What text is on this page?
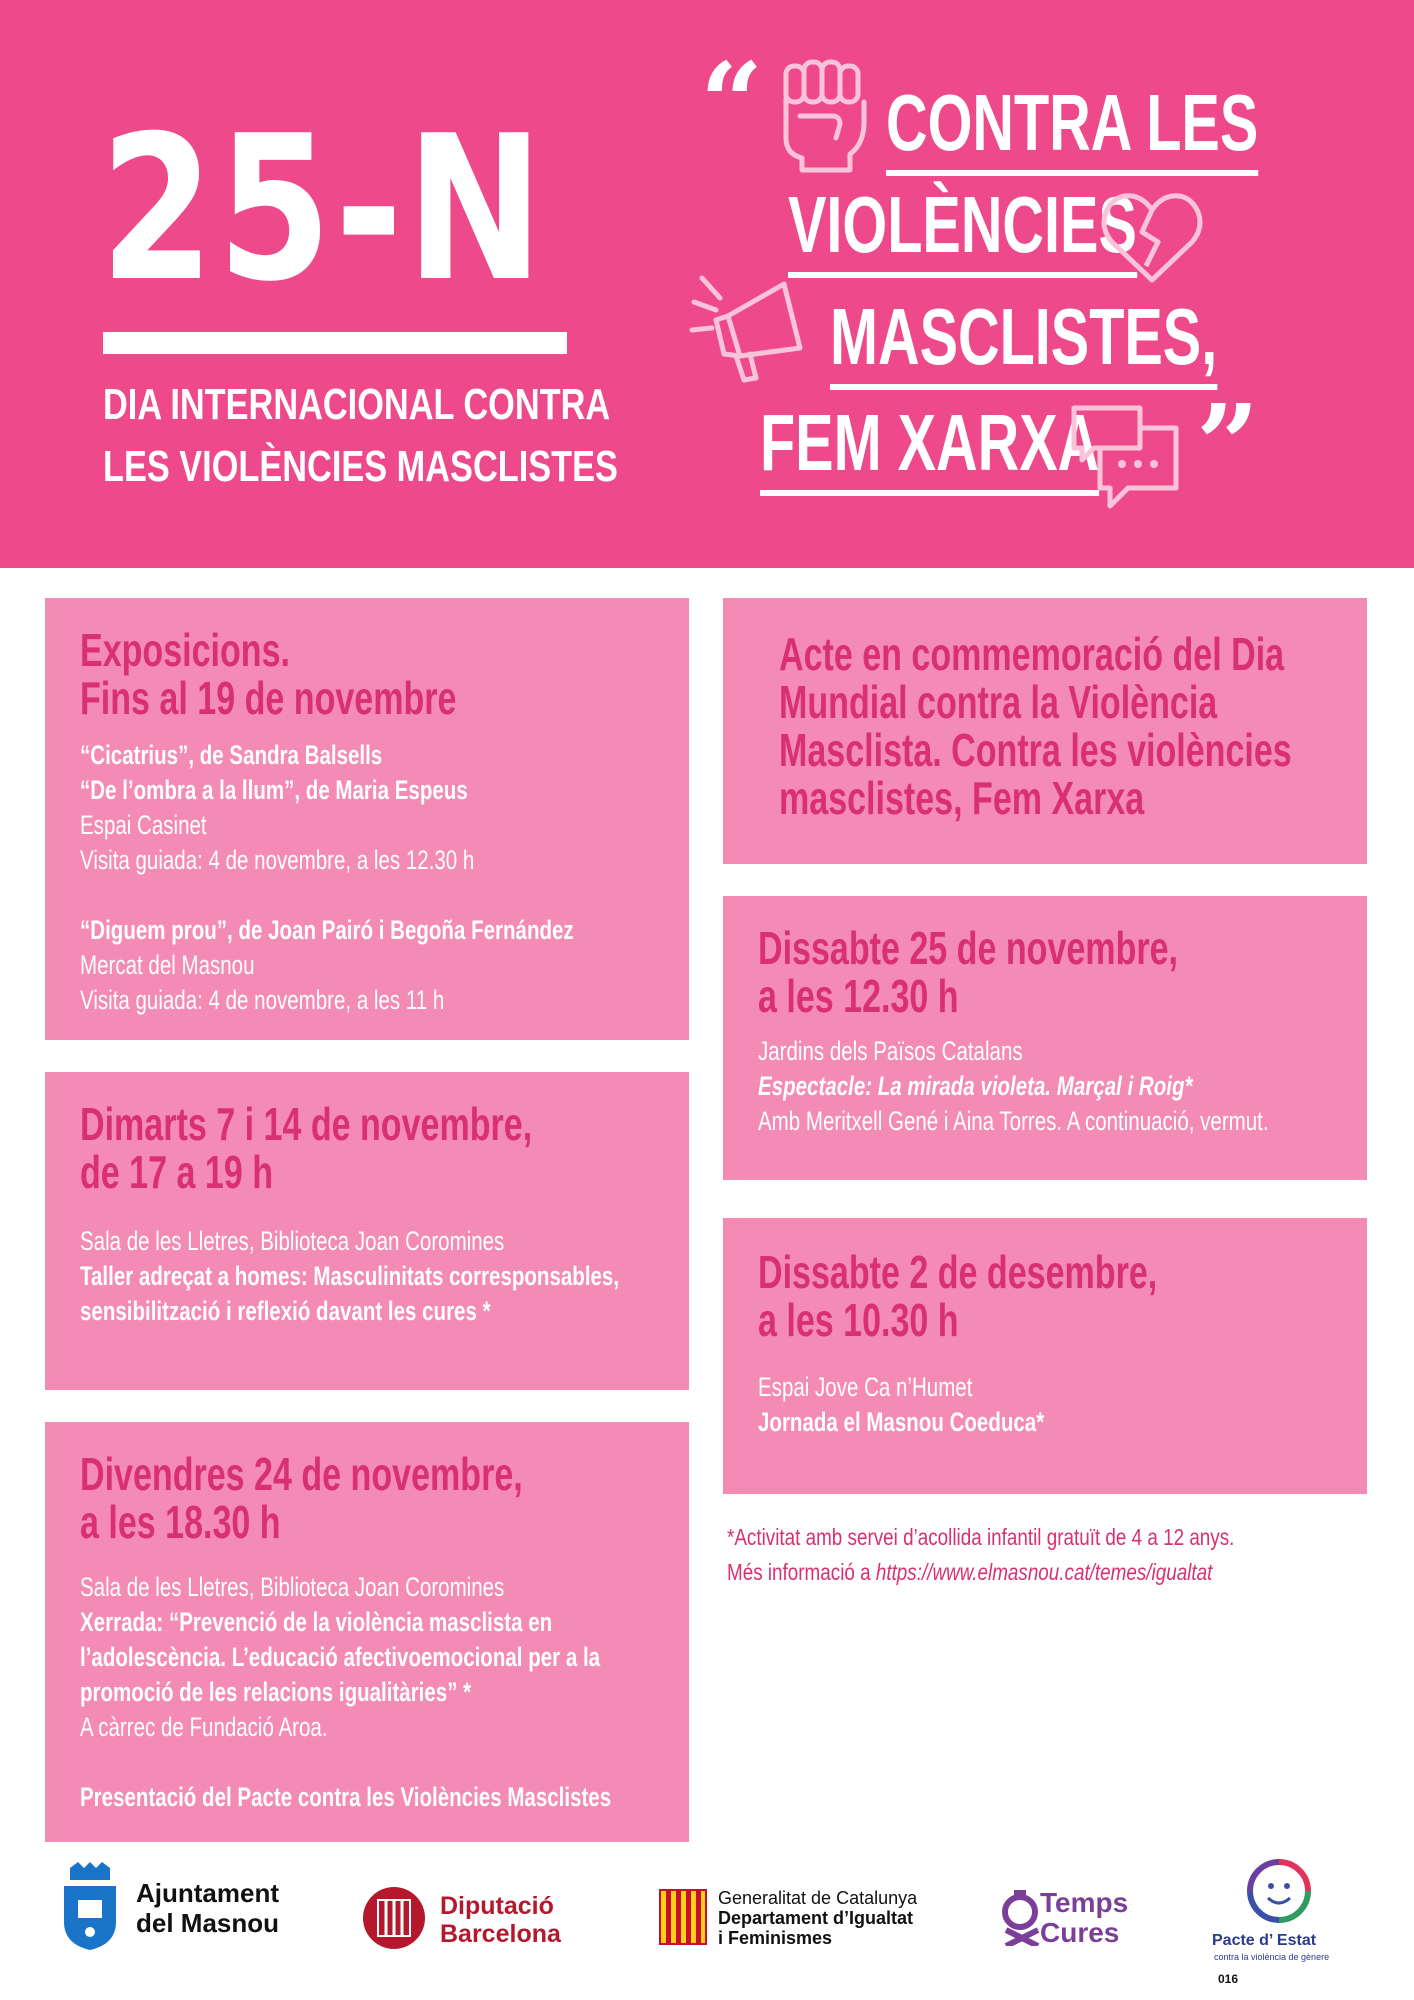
25-N
DIA INTERNACIONAL CONTRA
LES VIOLÈNCIES MASCLISTES
“
”
CONTRA LES
VIOLÈNCIES
MASCLISTES,
FEM XARXA
Exposicions.
Fins al 19 de novembre
“Cicatrius”, de Sandra Balsells
“De l’ombra a la llum”, de Maria Espeus
Espai Casinet
Visita guiada: 4 de novembre, a les 12.30 h
“Diguem prou”, de Joan Pairó i Begoña Fernández
Mercat del Masnou
Visita guiada: 4 de novembre, a les 11 h
Dimarts 7 i 14 de novembre,
de 17 a 19 h
Sala de les Lletres, Biblioteca Joan Coromines
Taller adreçat a homes: Masculinitats corresponsables,
sensibilització i reflexió davant les cures *
Divendres 24 de novembre,
a les 18.30 h
Sala de les Lletres, Biblioteca Joan Coromines
Xerrada: “Prevenció de la violència masclista en
l’adolescència. L’educació afectivoemocional per a la
promoció de les relacions igualitàries” *
A càrrec de Fundació Aroa.
Presentació del Pacte contra les Violències Masclistes
Acte en commemoració del Dia
Mundial contra la Violència
Masclista. Contra les violències
masclistes, Fem Xarxa
Dissabte 25 de novembre,
a les 12.30 h
Jardins dels Països Catalans
Espectacle: La mirada violeta. Marçal i Roig*
Amb Meritxell Gené i Aina Torres. A continuació, vermut.
Dissabte 2 de desembre,
a les 10.30 h
Espai Jove Ca n’Humet
Jornada el Masnou Coeduca*
*Activitat amb servei d’acollida infantil gratuït de 4 a 12 anys.
Més informació a https://www.elmasnou.cat/temes/igualtat
Ajuntament
del Masnou
Diputació
Barcelona
Generalitat de Catalunya
Departament d’Igualtat
i Feminismes
Temps
Cures	Pacte d’ Estat
contra la violència de gènere
016
